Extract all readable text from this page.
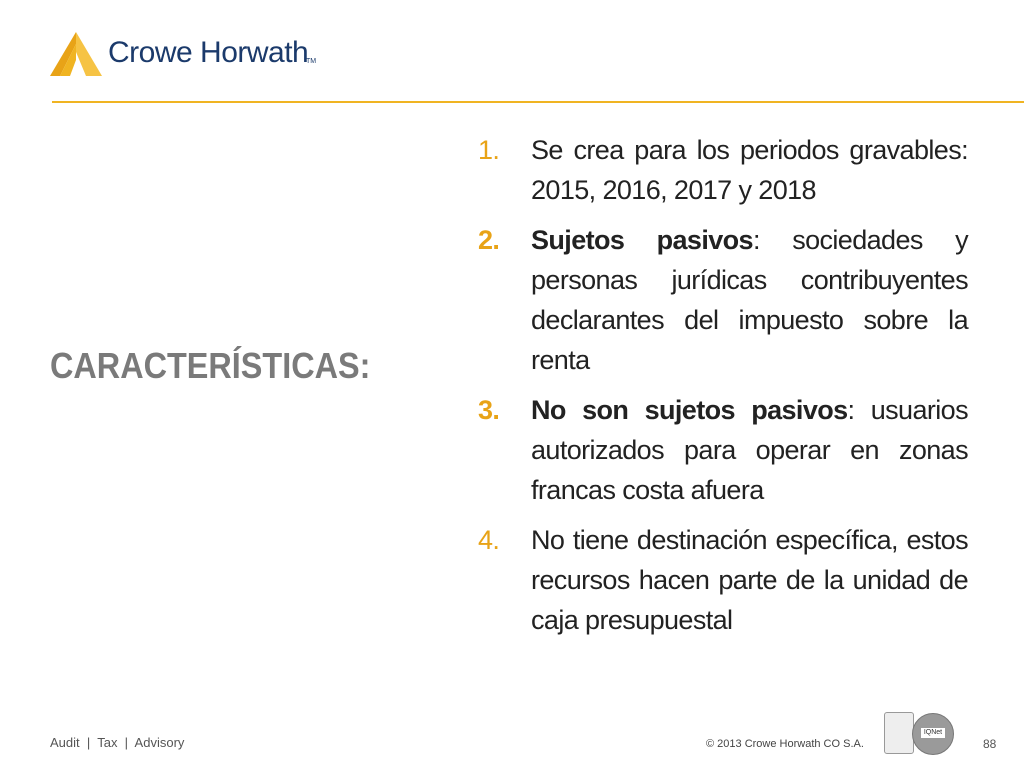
Crowe Horwath
TM
CARACTERÍSTICAS:
1. Se crea para los periodos gravables: 2015, 2016, 2017 y 2018
2. Sujetos pasivos: sociedades y personas jurídicas contribuyentes declarantes del impuesto sobre la renta
3. No son sujetos pasivos: usuarios autorizados para operar en zonas francas costa afuera
4. No tiene destinación específica, estos recursos hacen parte de la unidad de caja presupuestal
Audit  |  Tax  |  Advisory	© 2013 Crowe Horwath CO S.A.
IQNet
88
